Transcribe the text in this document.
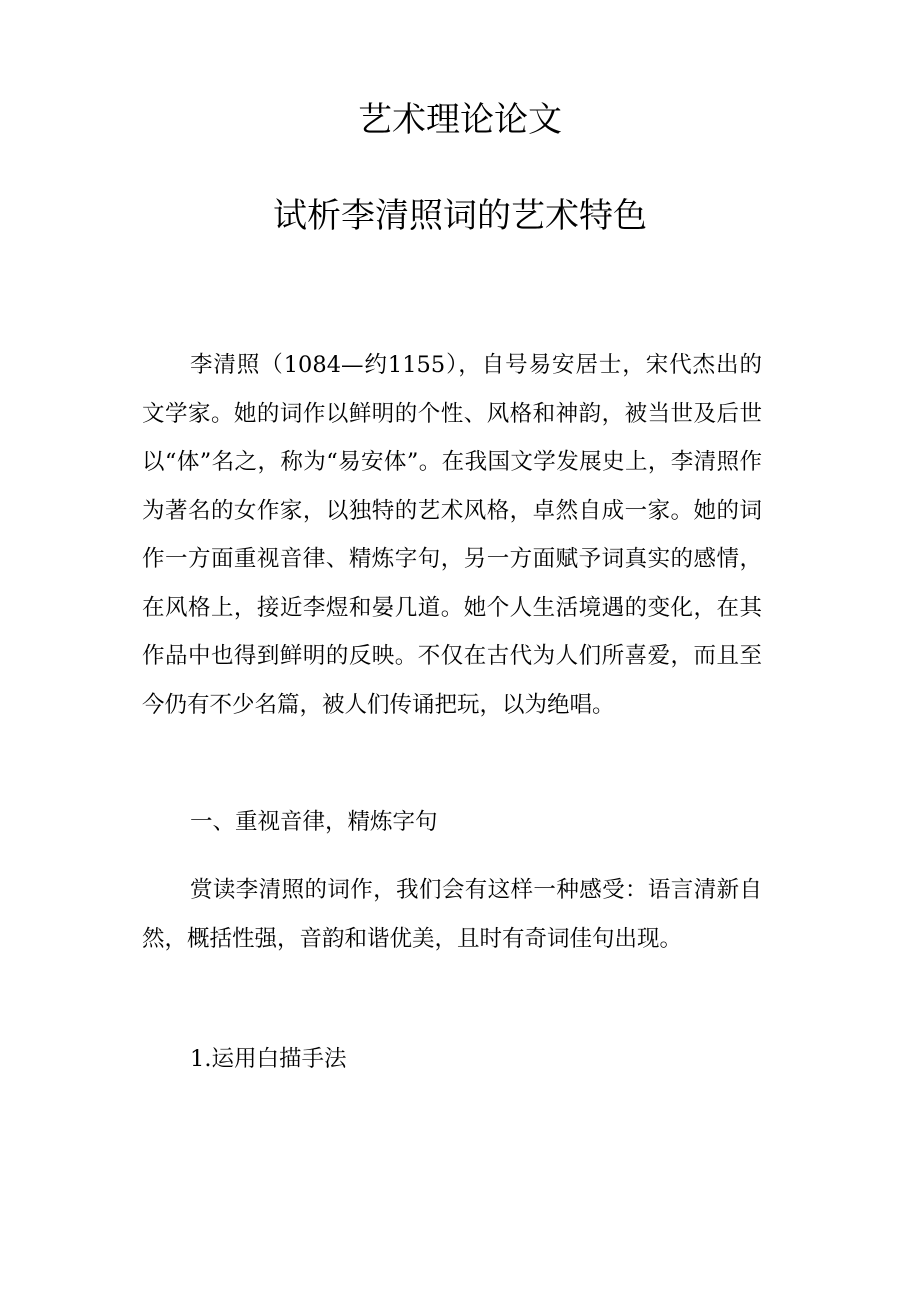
艺术理论论文
试析李清照词的艺术特色

李清照（1084—约1155），自号易安居士，宋代杰出的文学家。她的词作以鲜明的个性、风格和神韵，被当世及后世以“体”名之，称为“易安体”。在我国文学发展史上，李清照作为著名的女作家，以独特的艺术风格，卓然自成一家。她的词作一方面重视音律、精炼字句，另一方面赋予词真实的感情，在风格上，接近李煜和晏几道。她个人生活境遇的变化，在其作品中也得到鲜明的反映。不仅在古代为人们所喜爱，而且至今仍有不少名篇，被人们传诵把玩，以为绝唱。

一、重视音律，精炼字句

赏读李清照的词作，我们会有这样一种感受：语言清新自然，概括性强，音韵和谐优美，且时有奇词佳句出现。

1.运用白描手法
